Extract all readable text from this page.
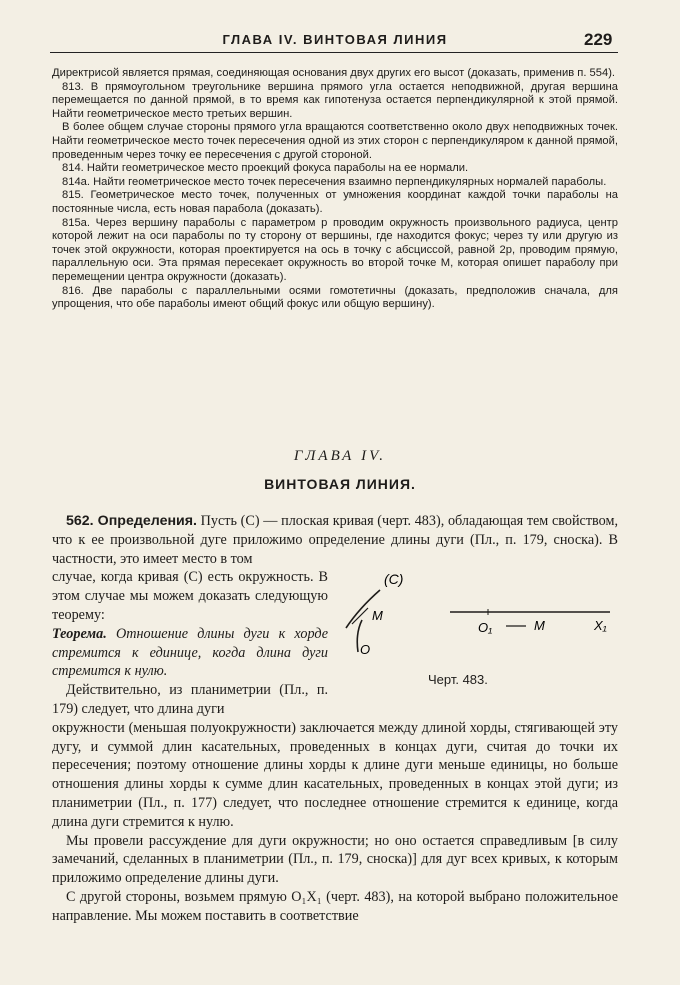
ГЛАВА IV. ВИНТОВАЯ ЛИНИЯ	229

Директрисой является прямая, соединяющая основания двух других его высот (доказать, применив п. 554).

813. В прямоугольном треугольнике вершина прямого угла остается неподвижной, другая вершина перемещается по данной прямой, в то время как гипотенуза остается перпендикулярной к этой прямой. Найти геометрическое место третьих вершин.

В более общем случае стороны прямого угла вращаются соответственно около двух неподвижных точек. Найти геометрическое место точек пересечения одной из этих сторон с перпендикуляром к данной прямой, проведенным через точку ее пересечения с другой стороной.

814. Найти геометрическое место проекций фокуса параболы на ее нормали.

814а. Найти геометрическое место точек пересечения взаимно перпендикулярных нормалей параболы.

815. Геометрическое место точек, полученных от умножения координат каждой точки параболы на постоянные числа, есть новая парабола (доказать).

815а. Через вершину параболы с параметром p проводим окружность произвольного радиуса, центр которой лежит на оси параболы по ту сторону от вершины, где находится фокус; через ту или другую из точек этой окружности, которая проектируется на ось в точку с абсциссой, равной 2p, проводим прямую, параллельную оси. Эта прямая пересекает окружность во второй точке M, которая опишет параболу при перемещении центра окружности (доказать).

816. Две параболы с параллельными осями гомотетичны (доказать, предположив сначала, для упрощения, что обе параболы имеют общий фокус или общую вершину).

ГЛАВА IV.
ВИНТОВАЯ ЛИНИЯ.

562. Определения. Пусть (C) — плоская кривая (черт. 483), обладающая тем свойством, что к ее произвольной дуге приложимо определение длины дуги (Пл., п. 179, сноска). В частности, это имеет место в том

случае, когда кривая (C) есть окружность. В этом случае мы можем доказать следующую теорему:

Теорема. Отношение длины дуги к хорде стремится к единице, когда длина дуги стремится к нулю.

Действительно, из планиметрии (Пл., п. 179) следует, что длина дуги

окружности (меньшая полуокружности) заключается между длиной хорды, стягивающей эту дугу, и суммой длин касательных, проведенных в концах дуги, считая до точки их пересечения; поэтому отношение длины хорды к длине дуги меньше единицы, но больше отношения длины хорды к сумме длин касательных, проведенных в концах этой дуги; из планиметрии (Пл., п. 177) следует, что последнее отношение стремится к единице, когда длина дуги стремится к нулю.

Мы провели рассуждение для дуги окружности; но оно остается справедливым [в силу замечаний, сделанных в планиметрии (Пл., п. 179, сноска)] для дуг всех кривых, к которым приложимо определение длины дуги.

С другой стороны, возьмем прямую O₁X₁ (черт. 483), на которой выбрано положительное направление. Мы можем поставить в соответствие

(C)
M
O
O₁	M	X₁
Черт. 483.
